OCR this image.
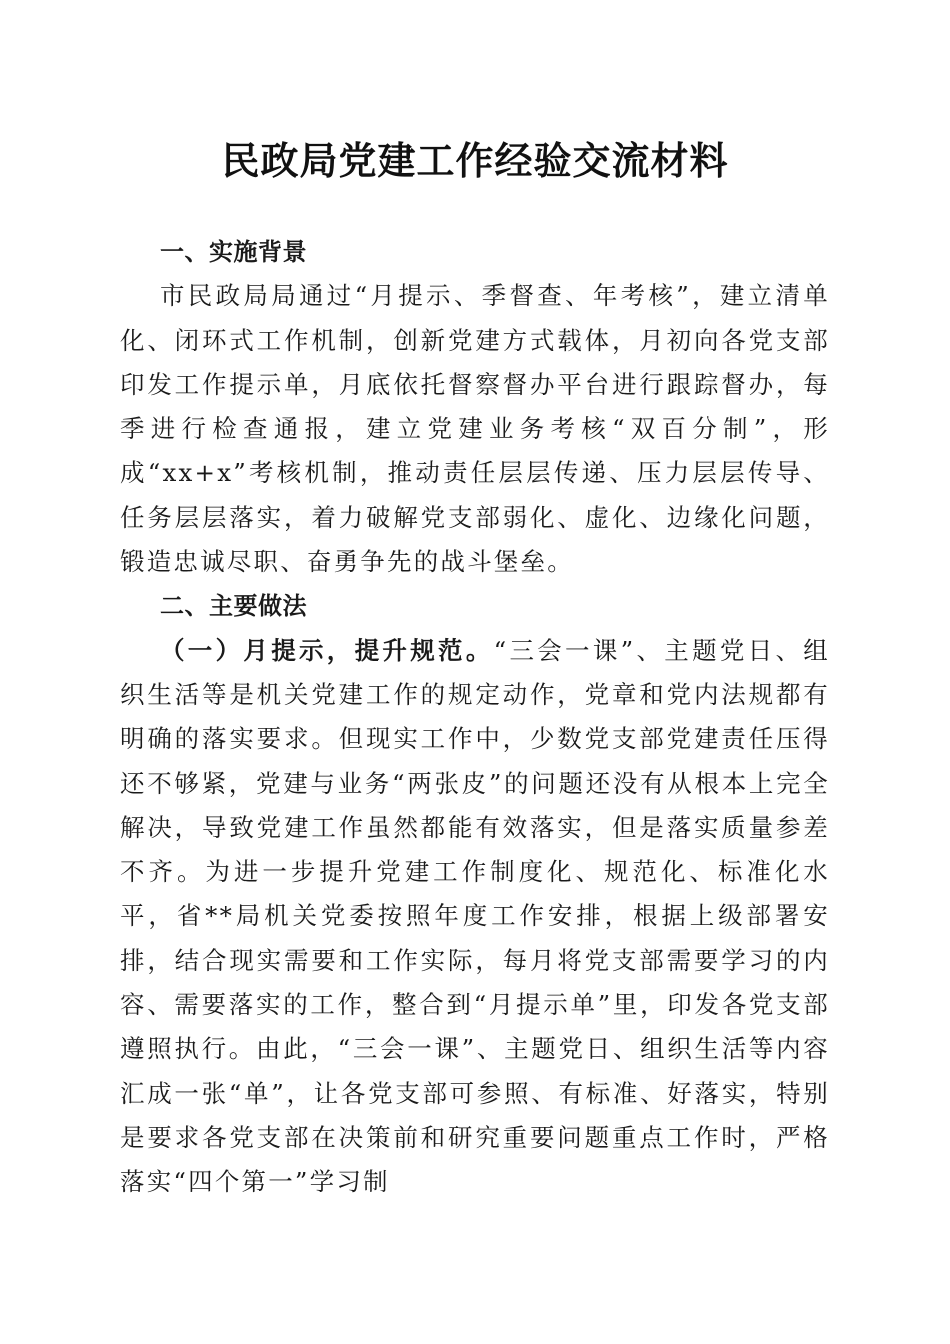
民政局党建工作经验交流材料

一、实施背景

市民政局局通过“月提示、季督查、年考核”，建立清单化、闭环式工作机制，创新党建方式载体，月初向各党支部印发工作提示单，月底依托督察督办平台进行跟踪督办，每季进行检查通报，建立党建业务考核“双百分制”，形成“xx+x”考核机制，推动责任层层传递、压力层层传导、任务层层落实，着力破解党支部弱化、虚化、边缘化问题，锻造忠诚尽职、奋勇争先的战斗堡垒。

二、主要做法

（一）月提示，提升规范。“三会一课”、主题党日、组织生活等是机关党建工作的规定动作，党章和党内法规都有明确的落实要求。但现实工作中，少数党支部党建责任压得还不够紧，党建与业务“两张皮”的问题还没有从根本上完全解决，导致党建工作虽然都能有效落实，但是落实质量参差不齐。为进一步提升党建工作制度化、规范化、标准化水平，省**局机关党委按照年度工作安排，根据上级部署安排，结合现实需要和工作实际，每月将党支部需要学习的内容、需要落实的工作，整合到“月提示单”里，印发各党支部遵照执行。由此，“三会一课”、主题党日、组织生活等内容汇成一张“单”，让各党支部可参照、有标准、好落实，特别是要求各党支部在决策前和研究重要问题重点工作时，严格落实“四个第一”学习制
